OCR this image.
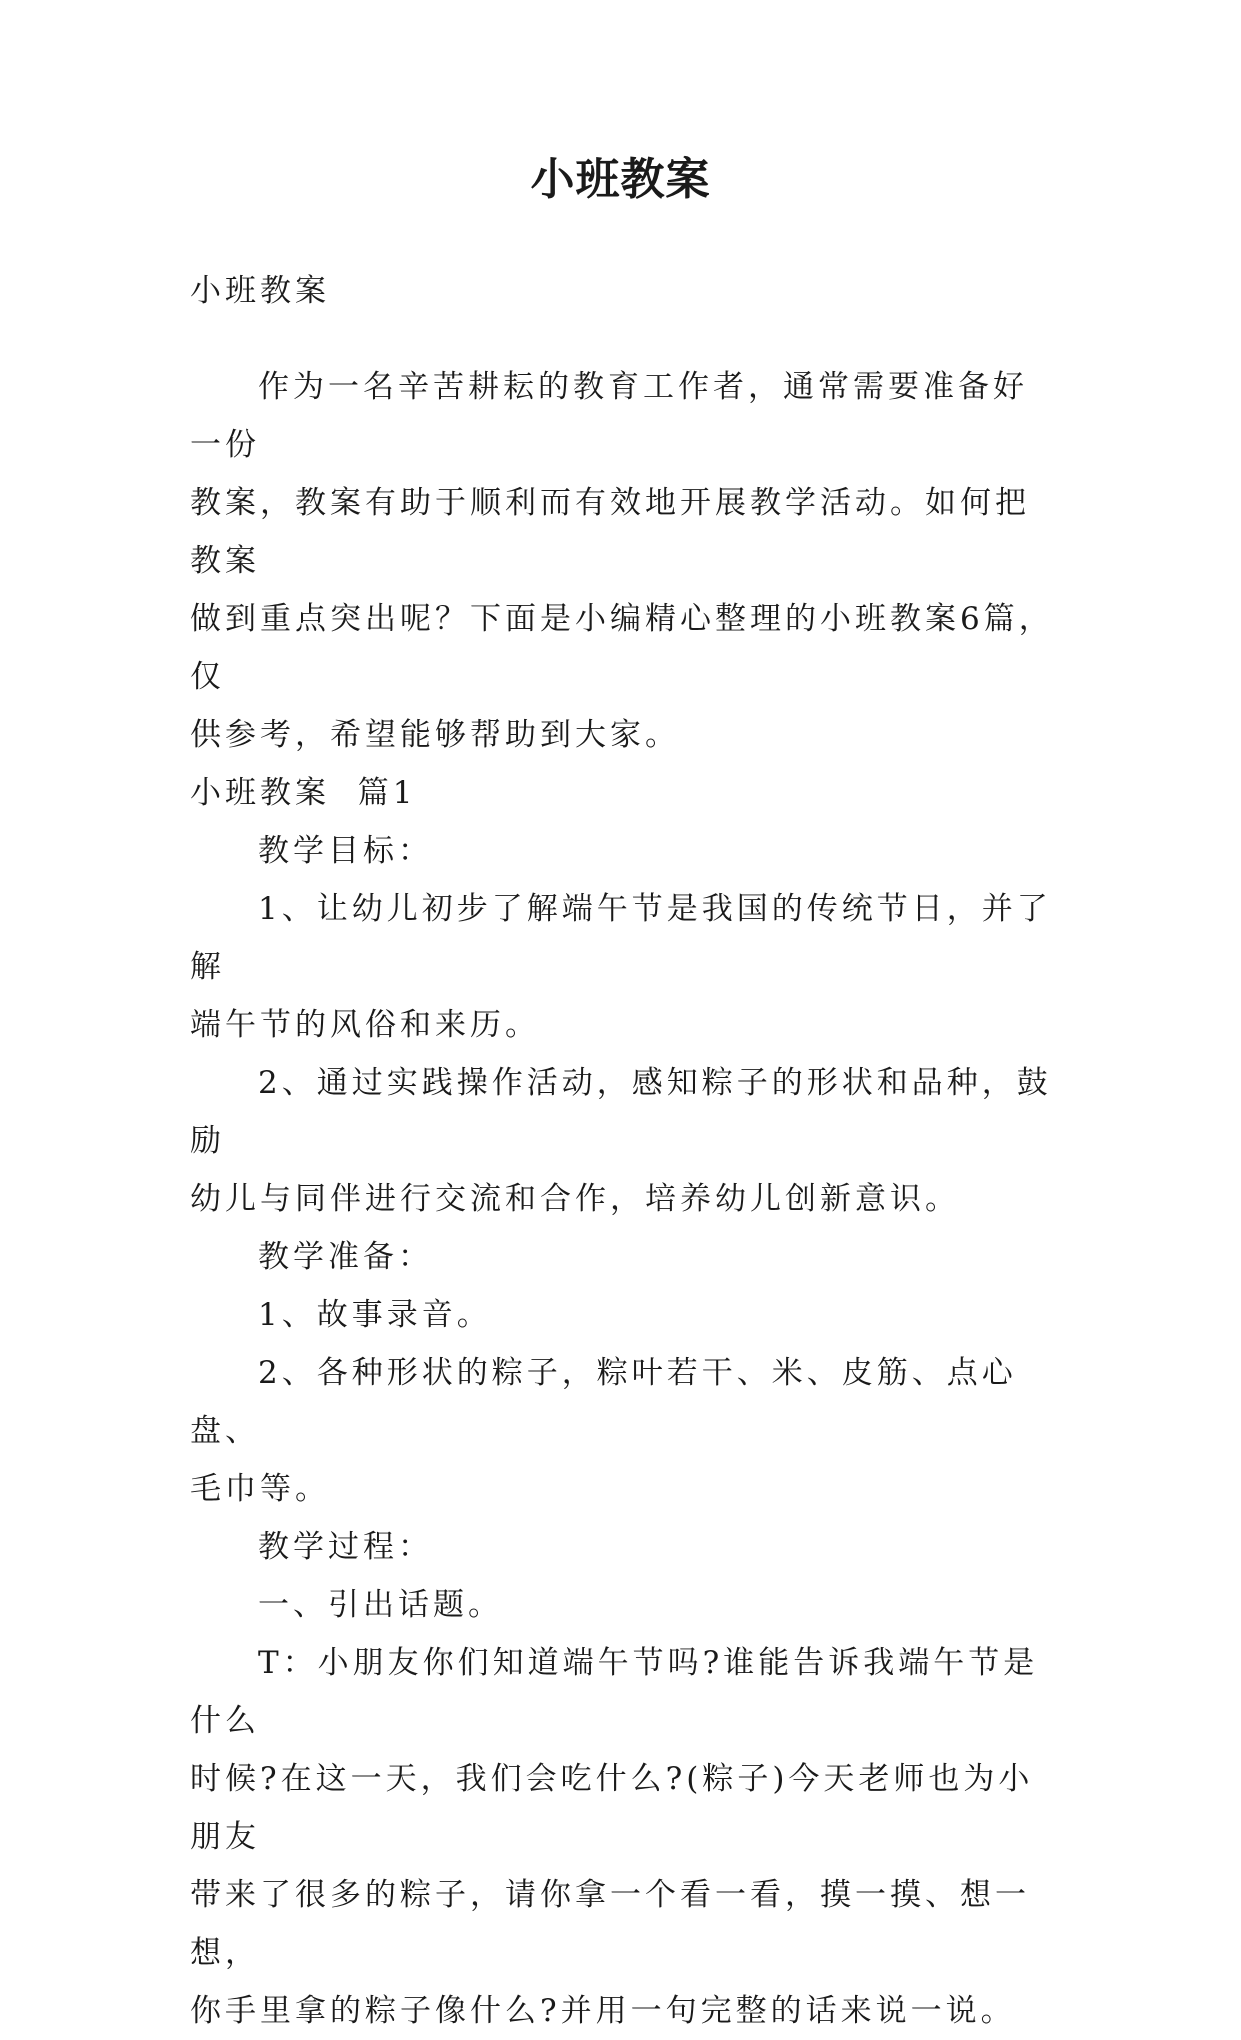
小班教案

小班教案

作为一名辛苦耕耘的教育工作者，通常需要准备好一份

教案，教案有助于顺利而有效地开展教学活动。如何把教案

做到重点突出呢？下面是小编精心整理的小班教案6篇，仅

供参考，希望能够帮助到大家。

小班教案  篇1

教学目标：

1、让幼儿初步了解端午节是我国的传统节日，并了解

端午节的风俗和来历。

2、通过实践操作活动，感知粽子的形状和品种，鼓励

幼儿与同伴进行交流和合作，培养幼儿创新意识。

教学准备：

1、故事录音。

2、各种形状的粽子，粽叶若干、米、皮筋、点心盘、

毛巾等。

教学过程：

一、引出话题。

T：小朋友你们知道端午节吗?谁能告诉我端午节是什么

时候?在这一天，我们会吃什么?(粽子)今天老师也为小朋友

带来了很多的粽子，请你拿一个看一看，摸一摸、想一想，

你手里拿的粽子像什么?并用一句完整的话来说一说。
